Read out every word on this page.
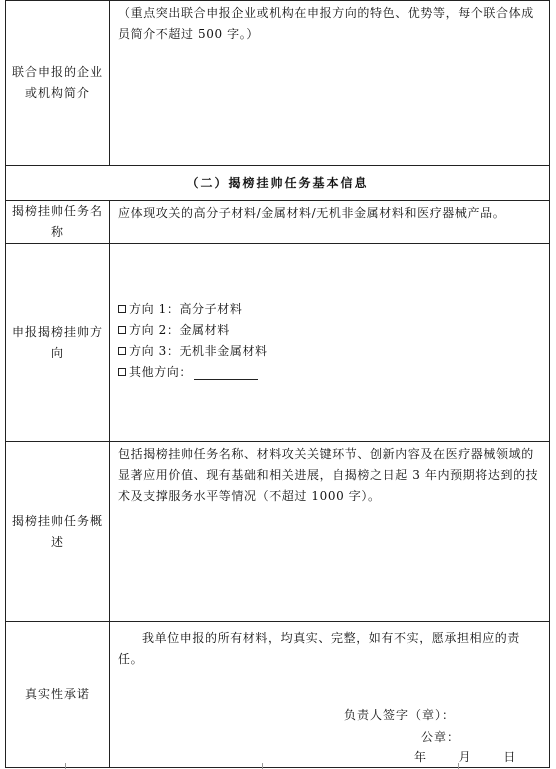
联合申报的企业或机构简介	（重点突出联合申报企业或机构在申报方向的特色、优势等，每个联合体成员简介不超过 500 字。）
（二）揭榜挂帅任务基本信息	
揭榜挂帅任务名称	应体现攻关的高分子材料/金属材料/无机非金属材料和医疗器械产品。
申报揭榜挂帅方向	方向 1：高分子材料
方向 2：金属材料
方向 3：无机非金属材料
其他方向：

揭榜挂帅任务概述	包括揭榜挂帅任务名称、材料攻关关键环节、创新内容及在医疗器械领域的显著应用价值、现有基础和相关进展，自揭榜之日起 3 年内预期将达到的技术及支撑服务水平等情况（不超过 1000 字）。
真实性承诺	我单位申报的所有材料，均真实、完整，如有不实，愿承担相应的责任。
负责人签字（章）：
公章：
年	月	日
